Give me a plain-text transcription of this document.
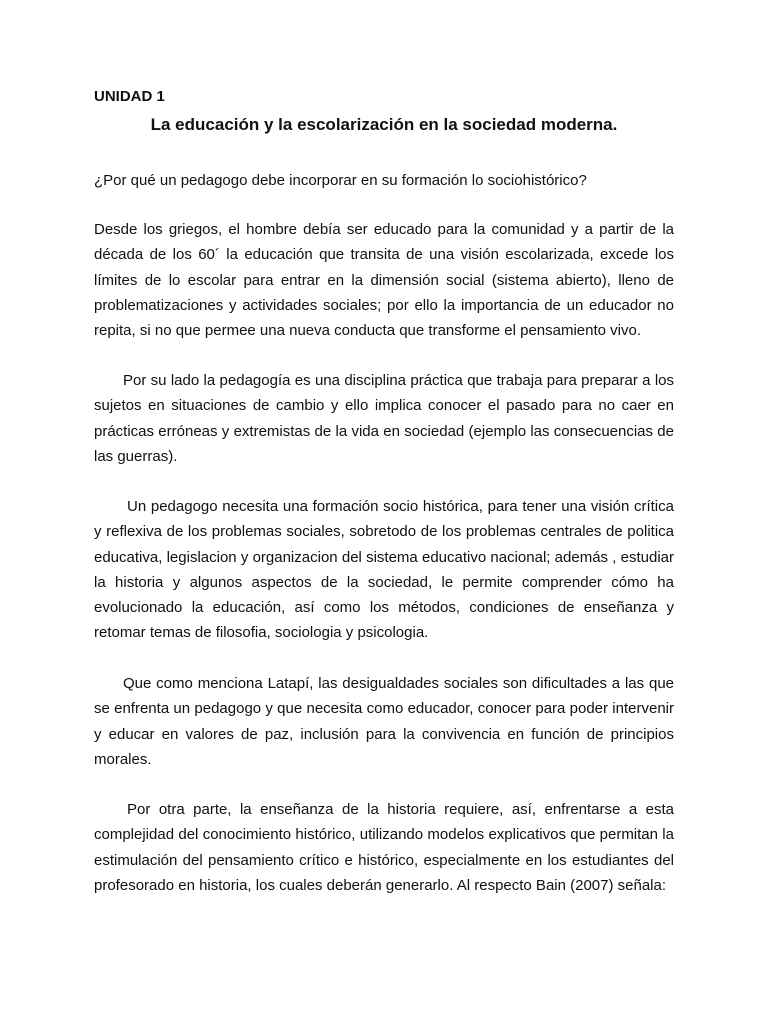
UNIDAD 1
La educación y la escolarización en la sociedad moderna.

¿Por qué un pedagogo debe incorporar en su formación lo sociohistórico?

Desde los griegos, el hombre debía ser educado para la comunidad y a partir de la década de los 60´ la educación que transita de una visión escolarizada, excede los límites de lo escolar para entrar en la dimensión social (sistema abierto), lleno de problematizaciones y actividades sociales; por ello la importancia de un educador no repita, si no que permee una nueva conducta que transforme el pensamiento vivo.

Por su lado la pedagogía es una disciplina práctica que trabaja para preparar a los sujetos en situaciones de cambio y ello implica conocer el pasado para no caer en prácticas erróneas y extremistas de la vida en sociedad (ejemplo las consecuencias de las guerras).

Un pedagogo necesita una formación socio histórica, para tener una visión crítica y reflexiva de los problemas sociales, sobretodo de los problemas centrales de politica educativa, legislacion y organizacion del sistema educativo nacional; además , estudiar la historia y algunos aspectos de la sociedad, le permite comprender cómo ha evolucionado la educación, así como los métodos, condiciones de enseñanza y retomar temas de filosofia, sociologia y psicologia.

Que como menciona Latapí, las desigualdades sociales son dificultades a las que se enfrenta un pedagogo y que necesita como educador, conocer para poder intervenir y educar en valores de paz, inclusión para la convivencia en función de principios morales.

Por otra parte, la enseñanza de la historia requiere, así, enfrentarse a esta complejidad del conocimiento histórico, utilizando modelos explicativos que permitan la estimulación del pensamiento crítico e histórico, especialmente en los estudiantes del profesorado en historia, los cuales deberán generarlo. Al respecto Bain (2007) señala:
